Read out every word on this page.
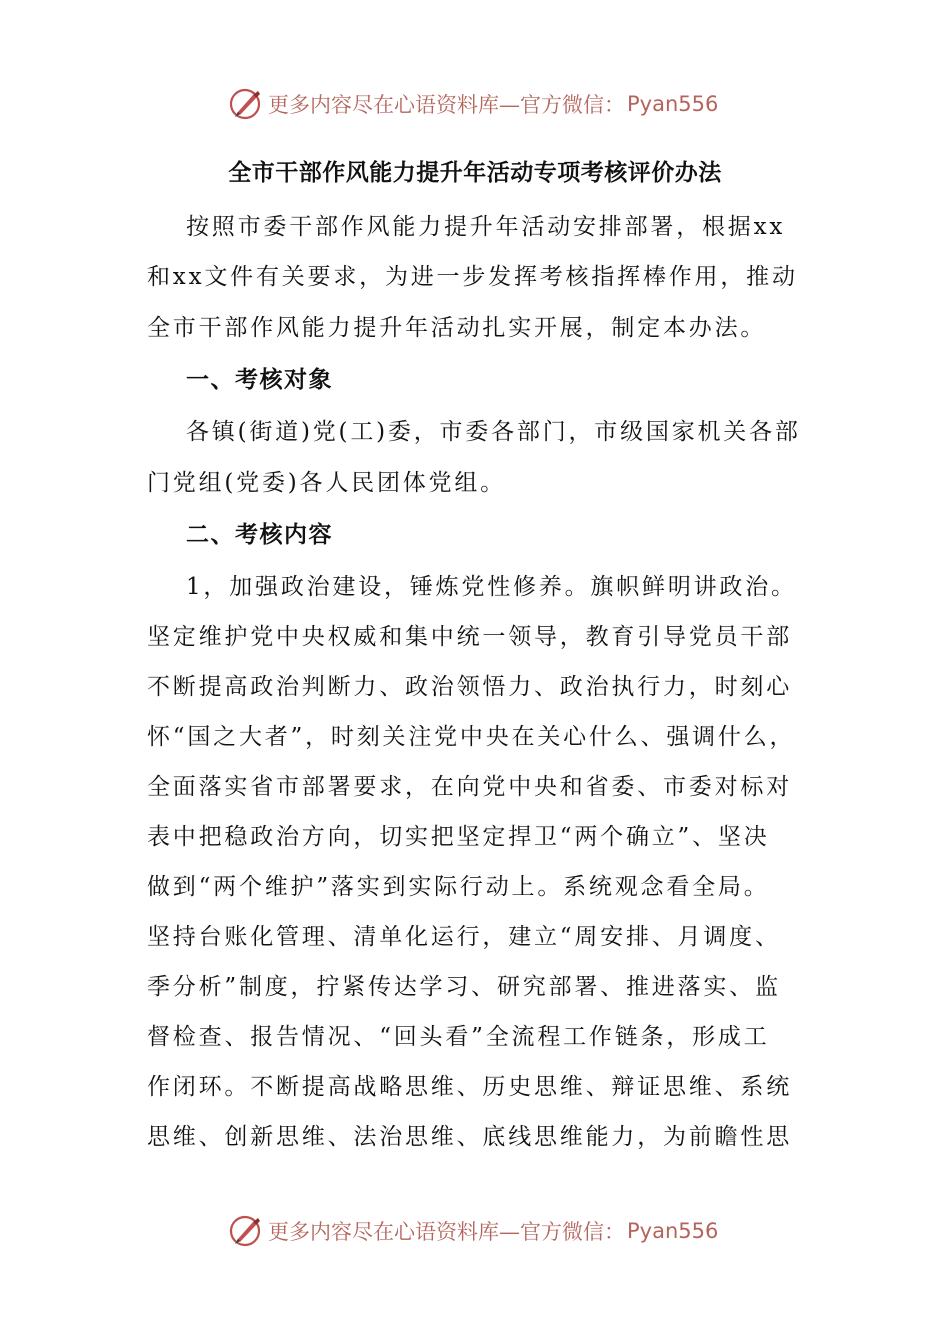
更多内容尽在心语资料库—官方微信： Pyan556
全市干部作风能力提升年活动专项考核评价办法
按照市委干部作风能力提升年活动安排部署，根据xx
和xx文件有关要求，为进一步发挥考核指挥棒作用，推动
全市干部作风能力提升年活动扎实开展，制定本办法。
一、考核对象
各镇(街道)党(工)委，市委各部门，市级国家机关各部
门党组(党委)各人民团体党组。
二、考核内容
1，加强政治建设，锤炼党性修养。旗帜鲜明讲政治。
坚定维护党中央权威和集中统一领导，教育引导党员干部
不断提高政治判断力、政治领悟力、政治执行力，时刻心
怀“国之大者”，时刻关注党中央在关心什么、强调什么，
全面落实省市部署要求，在向党中央和省委、市委对标对
表中把稳政治方向，切实把坚定捍卫“两个确立”、坚决
做到“两个维护”落实到实际行动上。系统观念看全局。
坚持台账化管理、清单化运行，建立“周安排、月调度、
季分析”制度，拧紧传达学习、研究部署、推进落实、监
督检查、报告情况、“回头看”全流程工作链条，形成工
作闭环。不断提高战略思维、历史思维、辩证思维、系统
思维、创新思维、法治思维、底线思维能力，为前瞻性思
更多内容尽在心语资料库—官方微信： Pyan556
